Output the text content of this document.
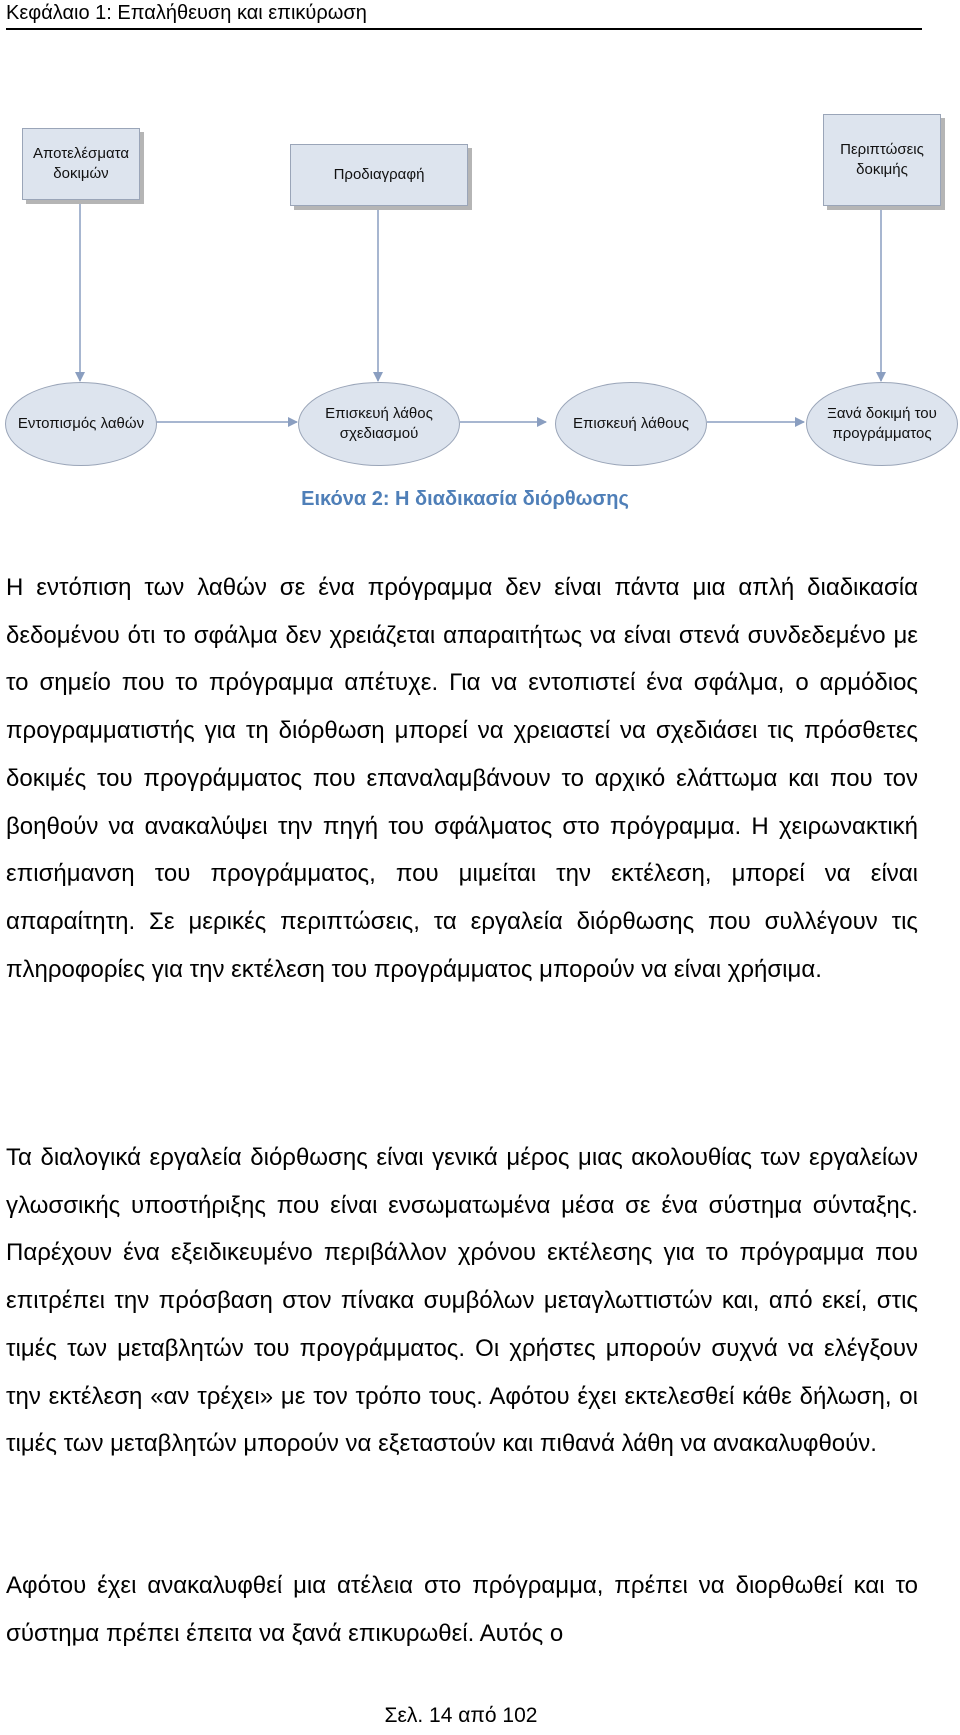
Κεφάλαιο 1: Επαλήθευση και επικύρωση
Αποτελέσματα δοκιμών	Προδιαγραφή
Περιπτώσεις δοκιμής
Εντοπισμός λαθών
Επισκευή λάθος σχεδιασμού
Επισκευή λάθους
Ξανά δοκιμή του προγράμματος
Εικόνα 2: Η διαδικασία διόρθωσης

Η εντόπιση των λαθών σε ένα πρόγραμμα δεν είναι πάντα μια απλή διαδικασία δεδομένου ότι το σφάλμα δεν χρειάζεται απαραιτήτως να είναι στενά συνδεδεμένο με το σημείο που το πρόγραμμα απέτυχε. Για να εντοπιστεί ένα σφάλμα, ο αρμόδιος προγραμματιστής για τη διόρθωση μπορεί να χρειαστεί να σχεδιάσει τις πρόσθετες δοκιμές του προγράμματος που επαναλαμβάνουν το αρχικό ελάττωμα και που τον βοηθούν να ανακαλύψει την πηγή του σφάλματος στο πρόγραμμα. Η χειρωνακτική επισήμανση του προγράμματος, που μιμείται την εκτέλεση, μπορεί να είναι απαραίτητη. Σε μερικές περιπτώσεις, τα εργαλεία διόρθωσης που συλλέγουν τις πληροφορίες για την εκτέλεση του προγράμματος μπορούν να είναι χρήσιμα.

Τα διαλογικά εργαλεία διόρθωσης είναι γενικά μέρος μιας ακολουθίας των εργαλείων γλωσσικής υποστήριξης που είναι ενσωματωμένα μέσα σε ένα σύστημα σύνταξης. Παρέχουν ένα εξειδικευμένο περιβάλλον χρόνου εκτέλεσης για το πρόγραμμα που επιτρέπει την πρόσβαση στον πίνακα συμβόλων μεταγλωττιστών και, από εκεί, στις τιμές των μεταβλητών του προγράμματος. Οι χρήστες μπορούν συχνά να ελέγξουν την εκτέλεση «αν τρέχει» με τον τρόπο τους. Αφότου έχει εκτελεσθεί κάθε δήλωση, οι τιμές των μεταβλητών μπορούν να εξεταστούν και πιθανά λάθη να ανακαλυφθούν.

Αφότου έχει ανακαλυφθεί μια ατέλεια στο πρόγραμμα, πρέπει να διορθωθεί και το σύστημα πρέπει έπειτα να ξανά επικυρωθεί. Αυτός ο

Σελ. 14 από 102
